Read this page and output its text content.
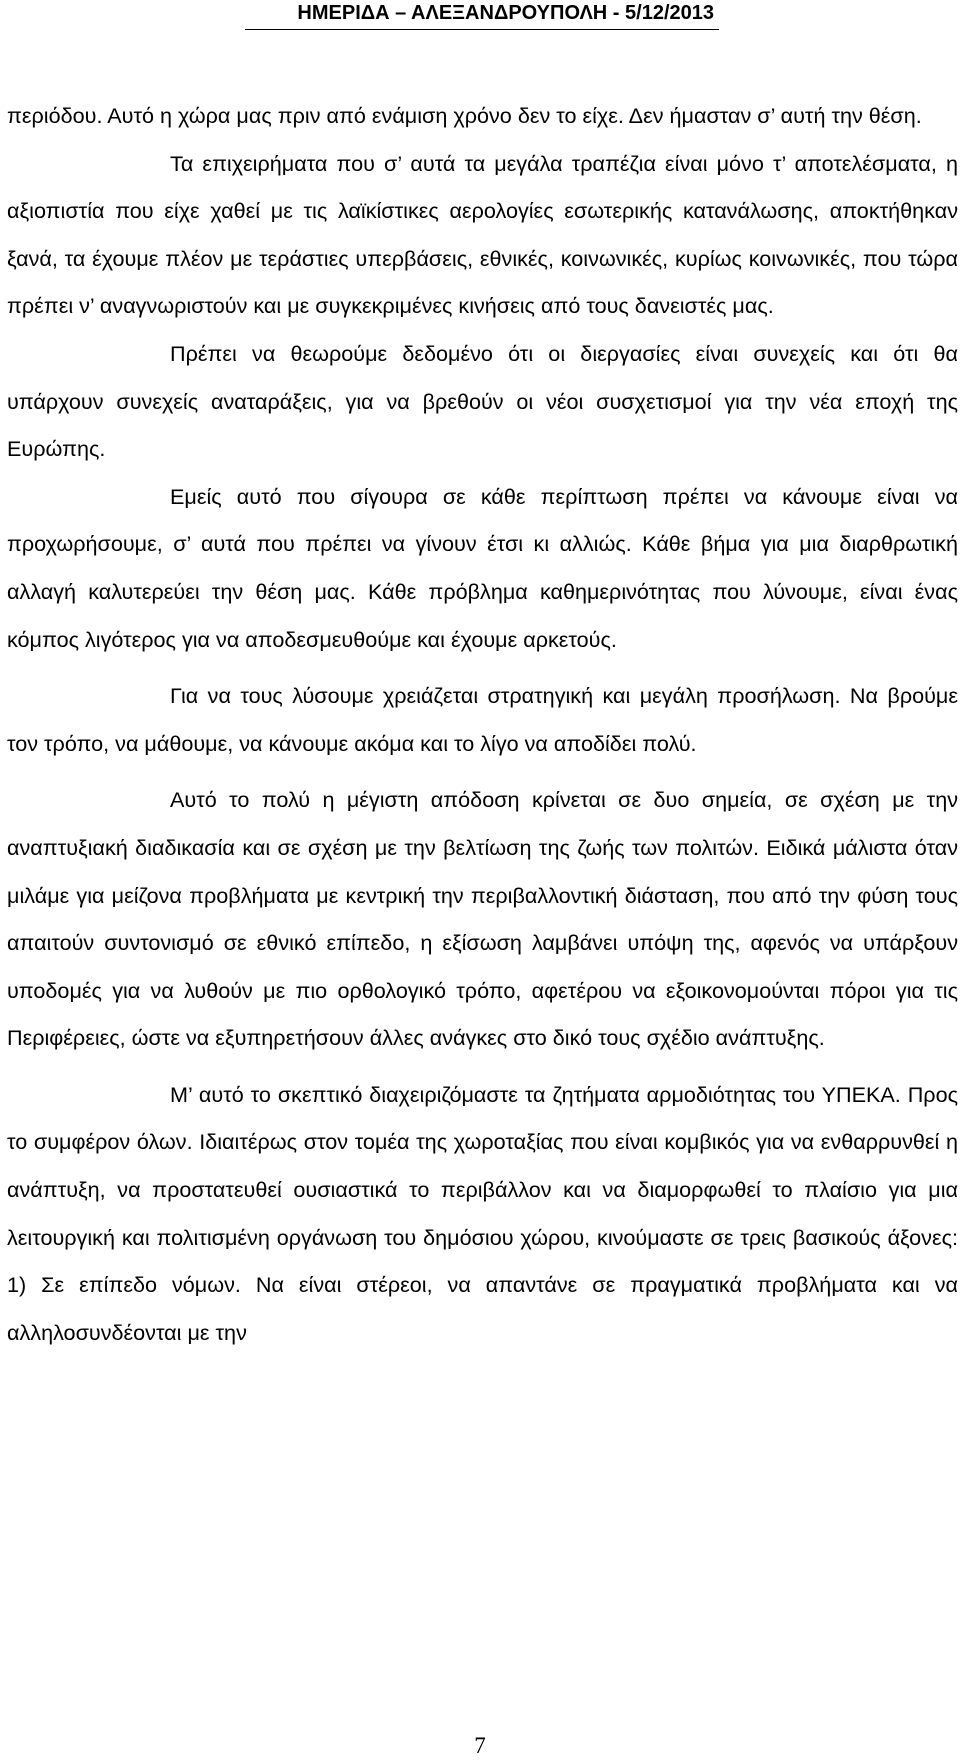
ΗΜΕΡΙΔΑ – ΑΛΕΞΑΝΔΡΟΥΠΟΛΗ - 5/12/2013

περιόδου. Αυτό η χώρα μας πριν από ενάμιση χρόνο δεν το είχε. Δεν ήμασταν σ’ αυτή την θέση.

Τα επιχειρήματα που σ’ αυτά τα μεγάλα τραπέζια είναι μόνο τ’ αποτελέσματα, η αξιοπιστία που είχε χαθεί με τις λαϊκίστικες αερολογίες εσωτερικής κατανάλωσης, αποκτήθηκαν ξανά, τα έχουμε πλέον με τεράστιες υπερβάσεις, εθνικές, κοινωνικές, κυρίως κοινωνικές, που τώρα πρέπει ν’ αναγνωριστούν και με συγκεκριμένες κινήσεις από τους δανειστές μας.

Πρέπει να θεωρούμε δεδομένο ότι οι διεργασίες είναι συνεχείς και ότι θα υπάρχουν συνεχείς αναταράξεις, για να βρεθούν οι νέοι συσχετισμοί για την νέα εποχή της Ευρώπης.

Εμείς αυτό που σίγουρα σε κάθε περίπτωση πρέπει να κάνουμε είναι να προχωρήσουμε, σ’ αυτά που πρέπει να γίνουν έτσι κι αλλιώς. Κάθε βήμα για μια διαρθρωτική αλλαγή καλυτερεύει την θέση μας. Κάθε πρόβλημα καθημερινότητας που λύνουμε, είναι ένας κόμπος λιγότερος για να αποδεσμευθούμε και έχουμε αρκετούς.

Για να τους λύσουμε χρειάζεται στρατηγική και μεγάλη προσήλωση. Να βρούμε τον τρόπο, να μάθουμε, να κάνουμε ακόμα και το λίγο να αποδίδει πολύ.

Αυτό το πολύ η μέγιστη απόδοση κρίνεται σε δυο σημεία, σε σχέση με την αναπτυξιακή διαδικασία και σε σχέση με την βελτίωση της ζωής των πολιτών. Ειδικά μάλιστα όταν μιλάμε για μείζονα προβλήματα με κεντρική την περιβαλλοντική διάσταση, που από την φύση τους απαιτούν συντονισμό σε εθνικό επίπεδο, η εξίσωση λαμβάνει υπόψη της, αφενός να υπάρξουν υποδομές για να λυθούν με πιο ορθολογικό τρόπο, αφετέρου να εξοικονομούνται πόροι για τις Περιφέρειες, ώστε να εξυπηρετήσουν άλλες ανάγκες στο δικό τους σχέδιο ανάπτυξης.

Μ’ αυτό το σκεπτικό διαχειριζόμαστε τα ζητήματα αρμοδιότητας του ΥΠΕΚΑ. Προς το συμφέρον όλων. Ιδιαιτέρως στον τομέα της χωροταξίας που είναι κομβικός για να ενθαρρυνθεί η ανάπτυξη, να προστατευθεί ουσιαστικά το περιβάλλον και να διαμορφωθεί το πλαίσιο για μια λειτουργική και πολιτισμένη οργάνωση του δημόσιου χώρου, κινούμαστε σε τρεις βασικούς άξονες: 1) Σε επίπεδο νόμων. Να είναι στέρεοι, να απαντάνε σε πραγματικά προβλήματα και να αλληλοσυνδέονται με την

7
